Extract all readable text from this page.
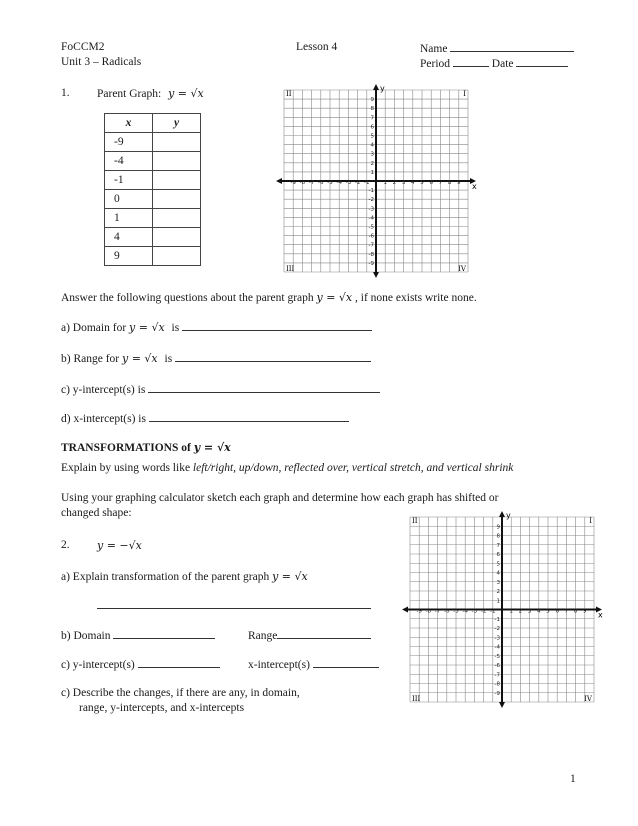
FoCCM2
Unit 3 – Radicals
Lesson 4	Name
Period	Date
1. Parent Graph: y = √x
x	y
-9	
-4	
-1	
0	
1	
4	
9	
x
y
I
II
III	IV
-9 -8 -7 -6 -5 -4 -3 -2 -1	1 2 3 4 5 6 7 8 9
9
8
7
6
5
4
3
2
1
-1
-2
-3
-4
-5
-6
-7
-8
-9
Answer the following questions about the parent graph y = √x , if none exists write none.
a) Domain for y = √x is
b) Range for y = √x is
c) y-intercept(s) is
d) x-intercept(s) is
TRANSFORMATIONS of y = √x
Explain by using words like left/right, up/down, reflected over, vertical stretch, and vertical shrink
Using your graphing calculator sketch each graph and determine how each graph has shifted or
changed shape:
2. y = −√x
a) Explain transformation of the parent graph y = √x
b) Domain	Range
c) y-intercept(s)	x-intercept(s)
c) Describe the changes, if there are any, in domain,
range, y-intercepts, and x-intercepts
x
y
I
II
III	IV
-9 -8 -7 -6 -5 -4 -3 -2 -1	1 2 3 4 5 6 7 8 9
9
8
7
6
5
4
3
2
1
-1
-2
-3
-4
-5
-6
-7
-8
-9
1
